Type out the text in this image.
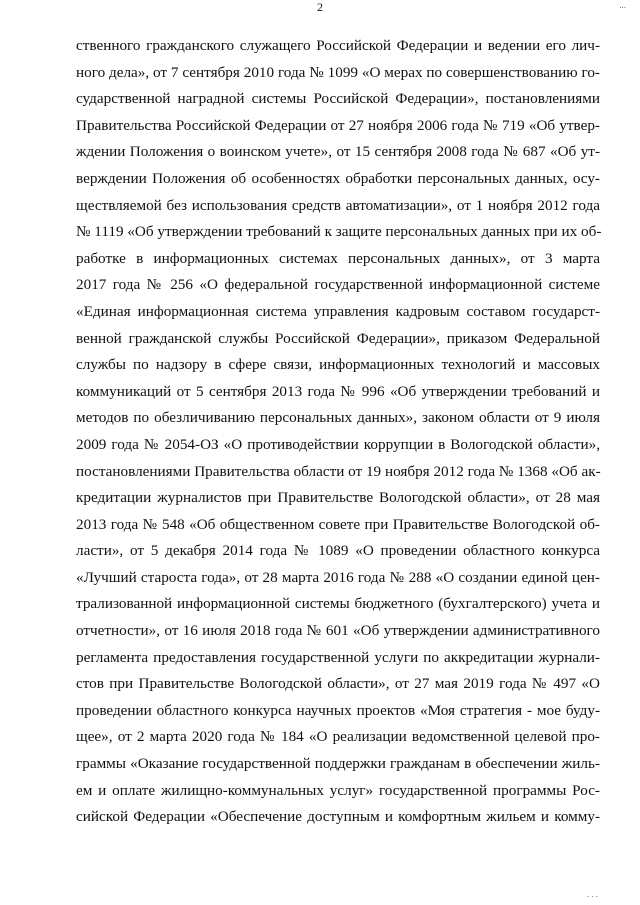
2	...
ственного гражданского служащего Российской Федерации и ведении его лич-
ного дела», от 7 сентября 2010 года № 1099 «О мерах по совершенствованию го-
сударственной наградной системы Российской Федерации», постановлениями
Правительства Российской Федерации от 27 ноября 2006 года № 719 «Об утвер-
ждении Положения о воинском учете», от 15 сентября 2008 года № 687 «Об ут-
верждении Положения об особенностях обработки персональных данных, осу-
ществляемой без использования средств автоматизации», от 1 ноября 2012 года
№ 1119 «Об утверждении требований к защите персональных данных при их об-
работке в информационных системах персональных данных», от 3 марта
2017 года № 256 «О федеральной государственной информационной системе
«Единая информационная система управления кадровым составом государст-
венной гражданской службы Российской Федерации», приказом Федеральной
службы по надзору в сфере связи, информационных технологий и массовых
коммуникаций от 5 сентября 2013 года № 996 «Об утверждении требований и
методов по обезличиванию персональных данных», законом области от 9 июля
2009 года № 2054-ОЗ «О противодействии коррупции в Вологодской области»,
постановлениями Правительства области от 19 ноября 2012 года № 1368 «Об ак-
кредитации журналистов при Правительстве Вологодской области», от 28 мая
2013 года № 548 «Об общественном совете при Правительстве Вологодской об-
ласти», от 5 декабря 2014 года № 1089 «О проведении областного конкурса
«Лучший староста года», от 28 марта 2016 года № 288 «О создании единой цен-
трализованной информационной системы бюджетного (бухгалтерского) учета и
отчетности», от 16 июля 2018 года № 601 «Об утверждении административного
регламента предоставления государственной услуги по аккредитации журнали-
стов при Правительстве Вологодской области», от 27 мая 2019 года № 497 «О
проведении областного конкурса научных проектов «Моя стратегия - мое буду-
щее», от 2 марта 2020 года № 184 «О реализации ведомственной целевой про-
граммы «Оказание государственной поддержки гражданам в обеспечении жиль-
ем и оплате жилищно-коммунальных услуг» государственной программы Рос-
сийской Федерации «Обеспечение доступным и комфортным жильем и комму-
. . .
